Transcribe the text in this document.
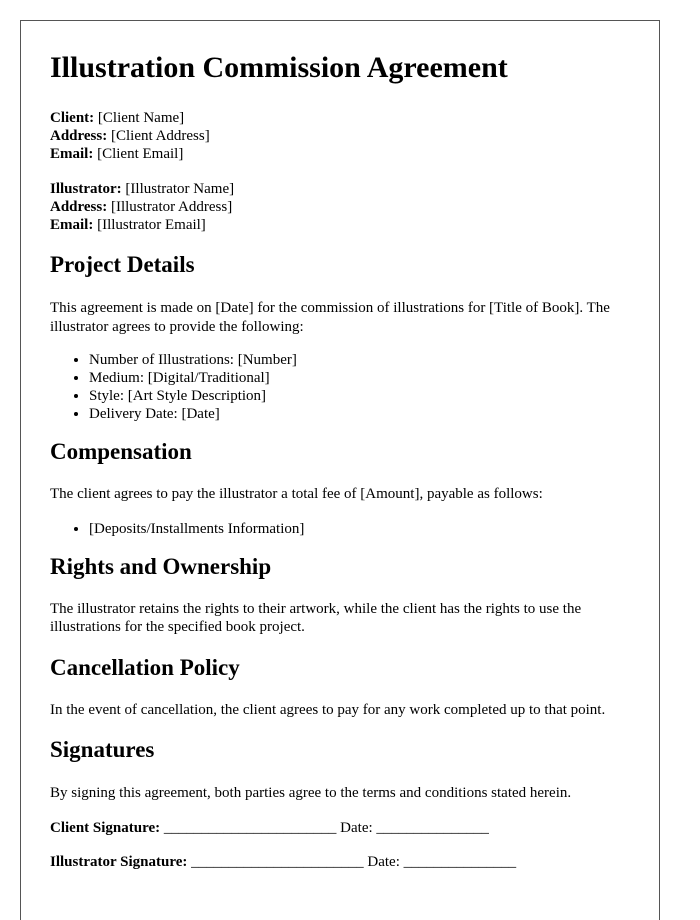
Illustration Commission Agreement
Client: [Client Name]
Address: [Client Address]
Email: [Client Email]
Illustrator: [Illustrator Name]
Address: [Illustrator Address]
Email: [Illustrator Email]
Project Details

This agreement is made on [Date] for the commission of illustrations for [Title of Book]. The illustrator agrees to provide the following:

• Number of Illustrations: [Number]
• Medium: [Digital/Traditional]
• Style: [Art Style Description]
• Delivery Date: [Date]
Compensation

The client agrees to pay the illustrator a total fee of [Amount], payable as follows:

• [Deposits/Installments Information]
Rights and Ownership

The illustrator retains the rights to their artwork, while the client has the rights to use the illustrations for the specified book project.

Cancellation Policy

In the event of cancellation, the client agrees to pay for any work completed up to that point.

Signatures

By signing this agreement, both parties agree to the terms and conditions stated herein.

Client Signature: _______________________ Date: _______________
Illustrator Signature: _______________________ Date: _______________
